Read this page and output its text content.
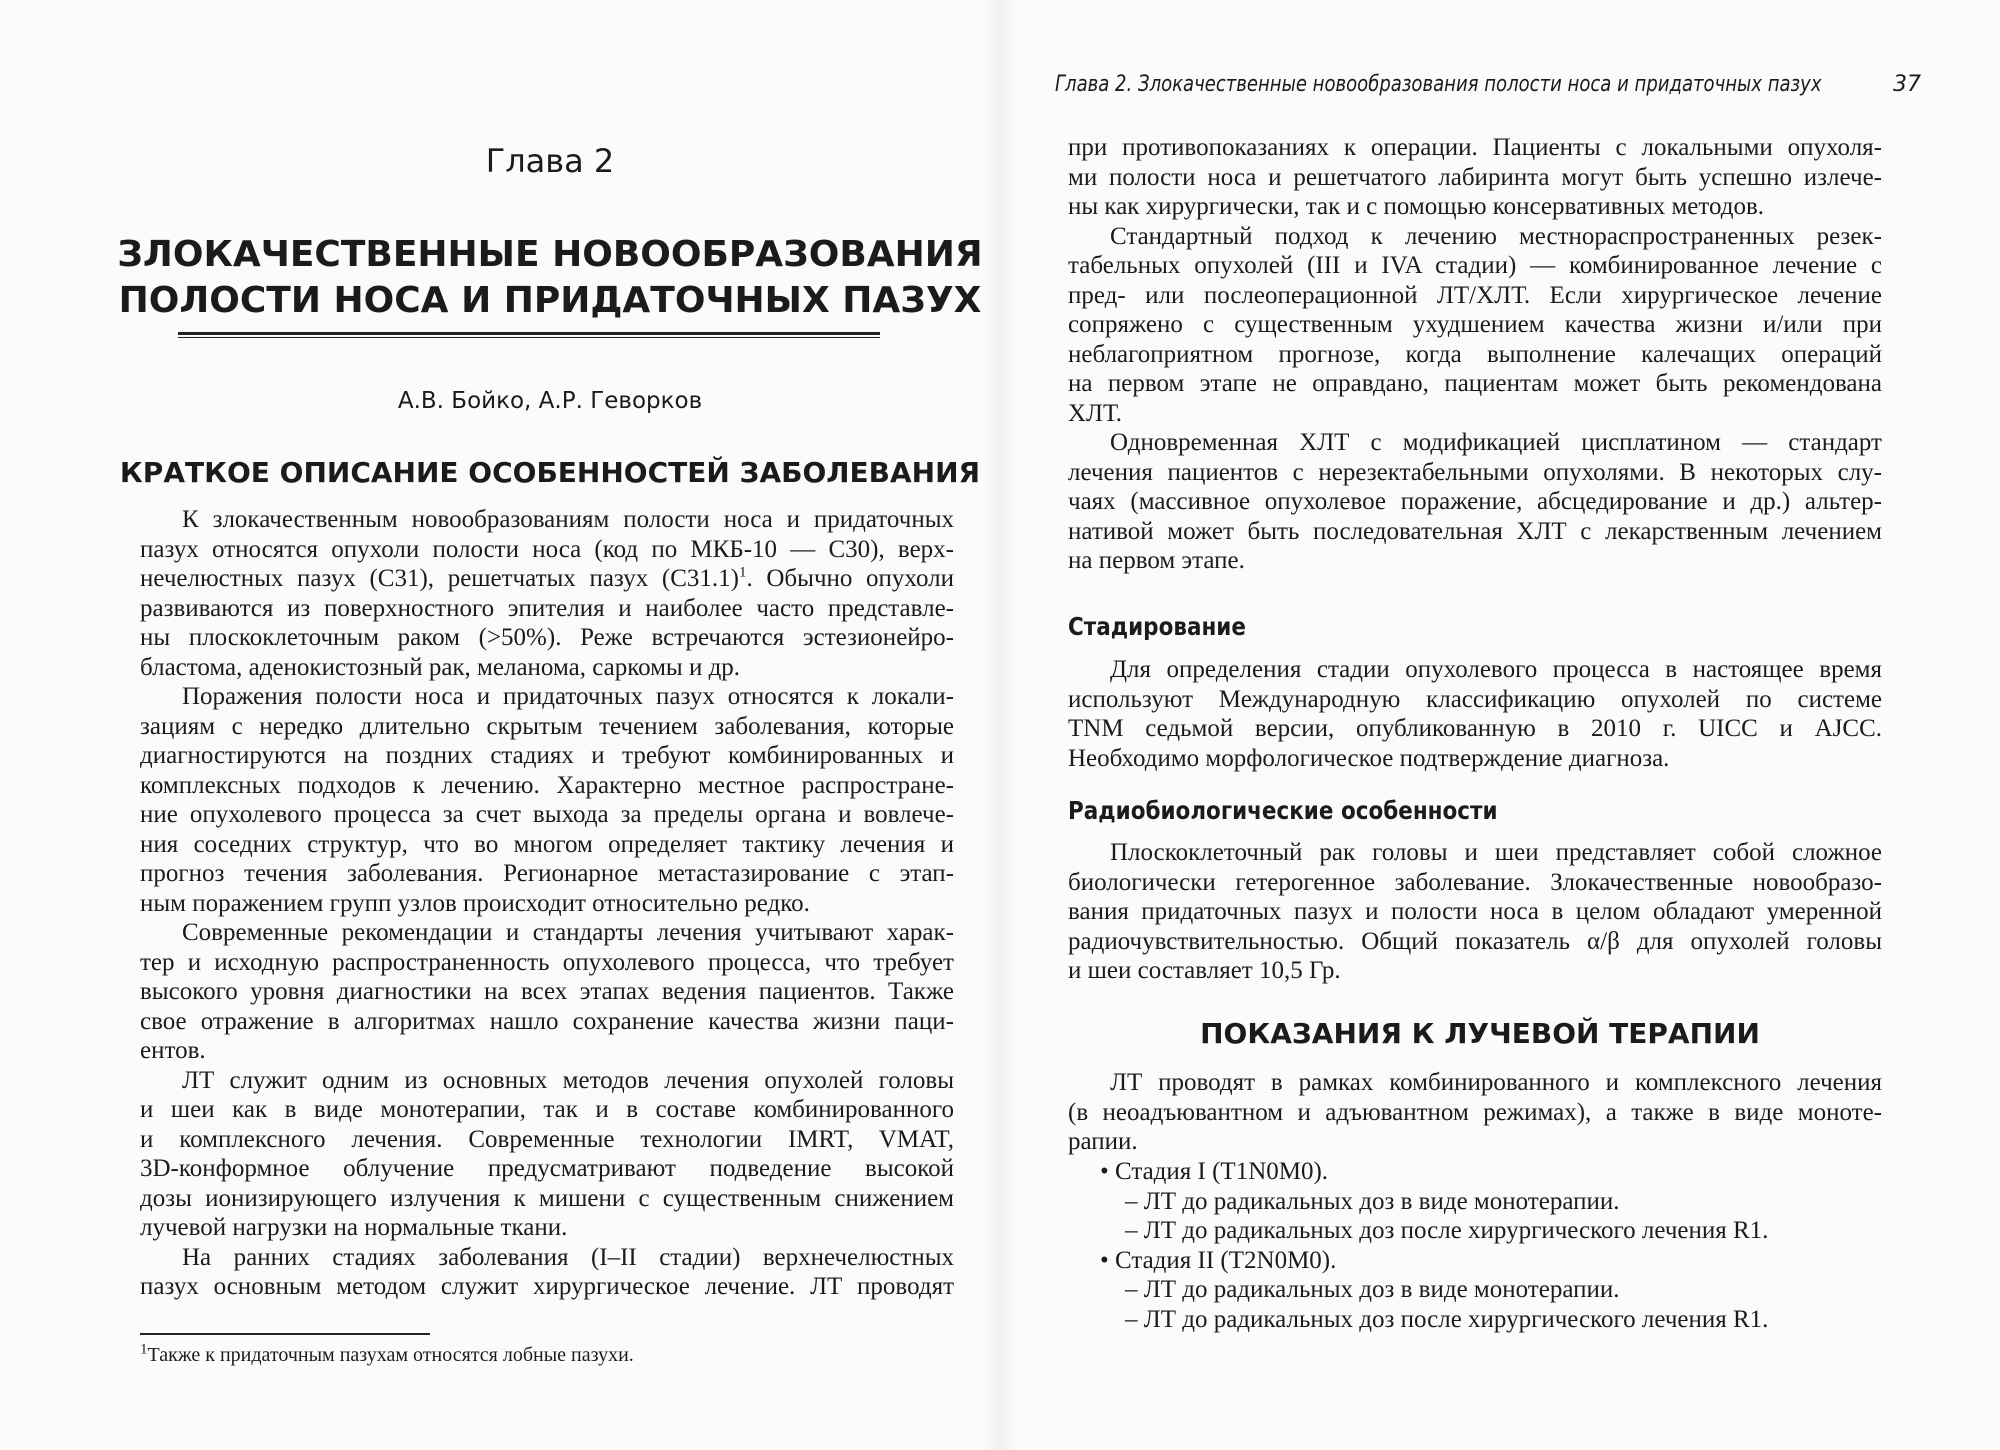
Глава 2
ЗЛОКАЧЕСТВЕННЫЕ НОВООБРАЗОВАНИЯ
ПОЛОСТИ НОСА И ПРИДАТОЧНЫХ ПАЗУХ
А.В. Бойко, А.Р. Геворков
КРАТКОЕ ОПИСАНИЕ ОСОБЕННОСТЕЙ ЗАБОЛЕВАНИЯ
К злокачественным новообразованиям полости носа и придаточных
пазух относятся опухоли полости носа (код по МКБ-10 — С30), верх-
нечелюстных пазух (С31), решетчатых пазух $(С31.1)^1$. Обычно опухоли
развиваются из поверхностного эпителия и наиболее часто представле-
ны плоскоклеточным раком (>50%). Реже встречаются эстезионейро-
бластома, аденокистозный рак, меланома, саркомы и др.
Поражения полости носа и придаточных пазух относятся к локали-
зациям с нередко длительно скрытым течением заболевания, которые
диагностируются на поздних стадиях и требуют комбинированных и
комплексных подходов к лечению. Характерно местное распростране-
ние опухолевого процесса за счет выхода за пределы органа и вовлече-
ния соседних структур, что во многом определяет тактику лечения и
прогноз течения заболевания. Регионарное метастазирование с этап-
ным поражением групп узлов происходит относительно редко.
Современные рекомендации и стандарты лечения учитывают харак-
тер и исходную распространенность опухолевого процесса, что требует
высокого уровня диагностики на всех этапах ведения пациентов. Также
свое отражение в алгоритмах нашло сохранение качества жизни паци-
ентов.
ЛТ служит одним из основных методов лечения опухолей головы
и шеи как в виде монотерапии, так и в составе комбинированного
и комплексного лечения. Современные технологии IMRT, VMAT,
3D-конформное облучение предусматривают подведение высокой
дозы ионизирующего излучения к мишени с существенным снижением
лучевой нагрузки на нормальные ткани.
На ранних стадиях заболевания (I–II стадии) верхнечелюстных
пазух основным методом служит хирургическое лечение. ЛТ проводят
$^1$Также к придаточным пазухам относятся лобные пазухи.
Глава 2. Злокачественные новообразования полости носа и придаточных пазух	37
при противопоказаниях к операции. Пациенты с локальными опухоля-
ми полости носа и решетчатого лабиринта могут быть успешно излече-
ны как хирургически, так и с помощью консервативных методов.
Стандартный подход к лечению местнораспространенных резек-
табельных опухолей (III и IVA стадии) — комбинированное лечение с
пред- или послеоперационной ЛТ/ХЛТ. Если хирургическое лечение
сопряжено с существенным ухудшением качества жизни и/или при
неблагоприятном прогнозе, когда выполнение калечащих операций
на первом этапе не оправдано, пациентам может быть рекомендована
ХЛТ.
Одновременная ХЛТ с модификацией цисплатином — стандарт
лечения пациентов с нерезектабельными опухолями. В некоторых слу-
чаях (массивное опухолевое поражение, абсцедирование и др.) альтер-
нативой может быть последовательная ХЛТ с лекарственным лечением
на первом этапе.
Стадирование
Для определения стадии опухолевого процесса в настоящее время
используют Международную классификацию опухолей по системе
TNM седьмой версии, опубликованную в 2010 г. UICC и AJCC.
Необходимо морфологическое подтверждение диагноза.
Радиобиологические особенности
Плоскоклеточный рак головы и шеи представляет собой сложное
биологически гетерогенное заболевание. Злокачественные новообразо-
вания придаточных пазух и полости носа в целом обладают умеренной
радиочувствительностью. Общий показатель α/β для опухолей головы
и шеи составляет 10,5 Гр.
ПОКАЗАНИЯ К ЛУЧЕВОЙ ТЕРАПИИ
ЛТ проводят в рамках комбинированного и комплексного лечения
(в неоадъювантном и адъювантном режимах), а также в виде моноте-
рапии.
• Стадия I (T1N0M0).
– ЛТ до радикальных доз в виде монотерапии.
– ЛТ до радикальных доз после хирургического лечения R1.
• Стадия II (T2N0M0).
– ЛТ до радикальных доз в виде монотерапии.
– ЛТ до радикальных доз после хирургического лечения R1.
